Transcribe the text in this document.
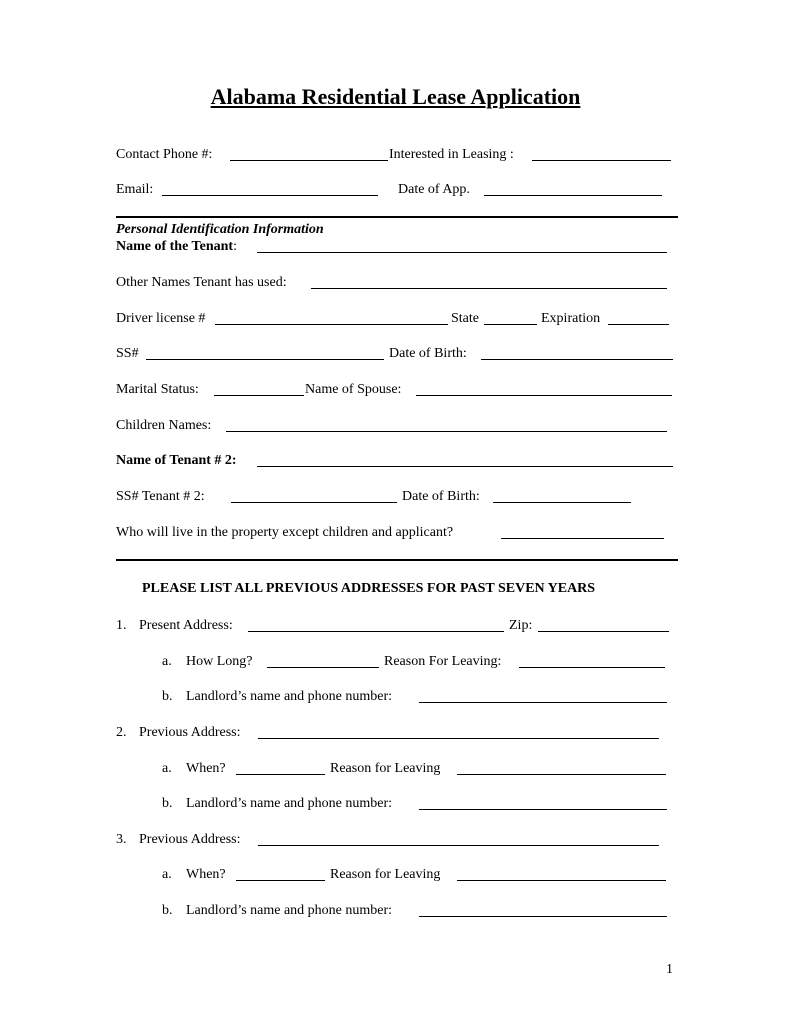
Alabama Residential Lease Application
Contact Phone #:	Interested in Leasing :
Email:	Date of App.
Personal Identification Information
Name of the Tenant:
Other Names Tenant has used:
Driver license #	State	Expiration
SS#	Date of Birth:
Marital Status:	Name of Spouse:
Children Names:
Name of Tenant # 2:
SS# Tenant # 2:	Date of Birth:
Who will live in the property except children and applicant?
PLEASE LIST ALL PREVIOUS ADDRESSES FOR PAST SEVEN YEARS
1. Present Address:	Zip:
a. How Long?	Reason For Leaving:
b. Landlord’s name and phone number:
2. Previous Address:
a. When?	Reason for Leaving
b. Landlord’s name and phone number:
3. Previous Address:
a. When?	Reason for Leaving
b. Landlord’s name and phone number:
1
